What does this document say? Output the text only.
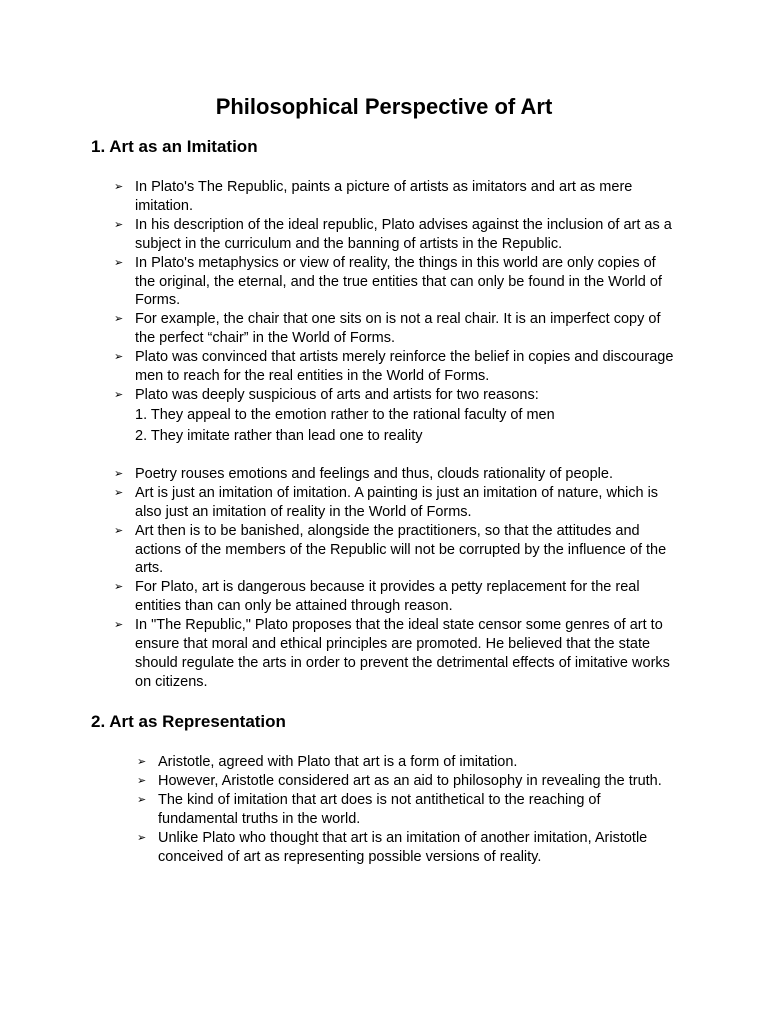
Philosophical Perspective of Art
1. Art as an Imitation
➢ In Plato's The Republic, paints a picture of artists as imitators and art as mere imitation.
➢ In his description of the ideal republic, Plato advises against the inclusion of art as a subject in the curriculum and the banning of artists in the Republic.
➢ In Plato's metaphysics or view of reality, the things in this world are only copies of the original, the eternal, and the true entities that can only be found in the World of Forms.
➢ For example, the chair that one sits on is not a real chair. It is an imperfect copy of the perfect “chair” in the World of Forms.
➢ Plato was convinced that artists merely reinforce the belief in copies and discourage men to reach for the real entities in the World of Forms.
➢ Plato was deeply suspicious of arts and artists for two reasons:
1. They appeal to the emotion rather to the rational faculty of men
2. They imitate rather than lead one to reality
➢ Poetry rouses emotions and feelings and thus, clouds rationality of people.
➢ Art is just an imitation of imitation. A painting is just an imitation of nature, which is also just an imitation of reality in the World of Forms.
➢ Art then is to be banished, alongside the practitioners, so that the attitudes and actions of the members of the Republic will not be corrupted by the influence of the arts.
➢ For Plato, art is dangerous because it provides a petty replacement for the real entities than can only be attained through reason.
➢ In "The Republic," Plato proposes that the ideal state censor some genres of art to ensure that moral and ethical principles are promoted. He believed that the state should regulate the arts in order to prevent the detrimental effects of imitative works on citizens.
2. Art as Representation
➢ Aristotle, agreed with Plato that art is a form of imitation.
➢ However, Aristotle considered art as an aid to philosophy in revealing the truth.
➢ The kind of imitation that art does is not antithetical to the reaching of fundamental truths in the world.
➢ Unlike Plato who thought that art is an imitation of another imitation, Aristotle conceived of art as representing possible versions of reality.
